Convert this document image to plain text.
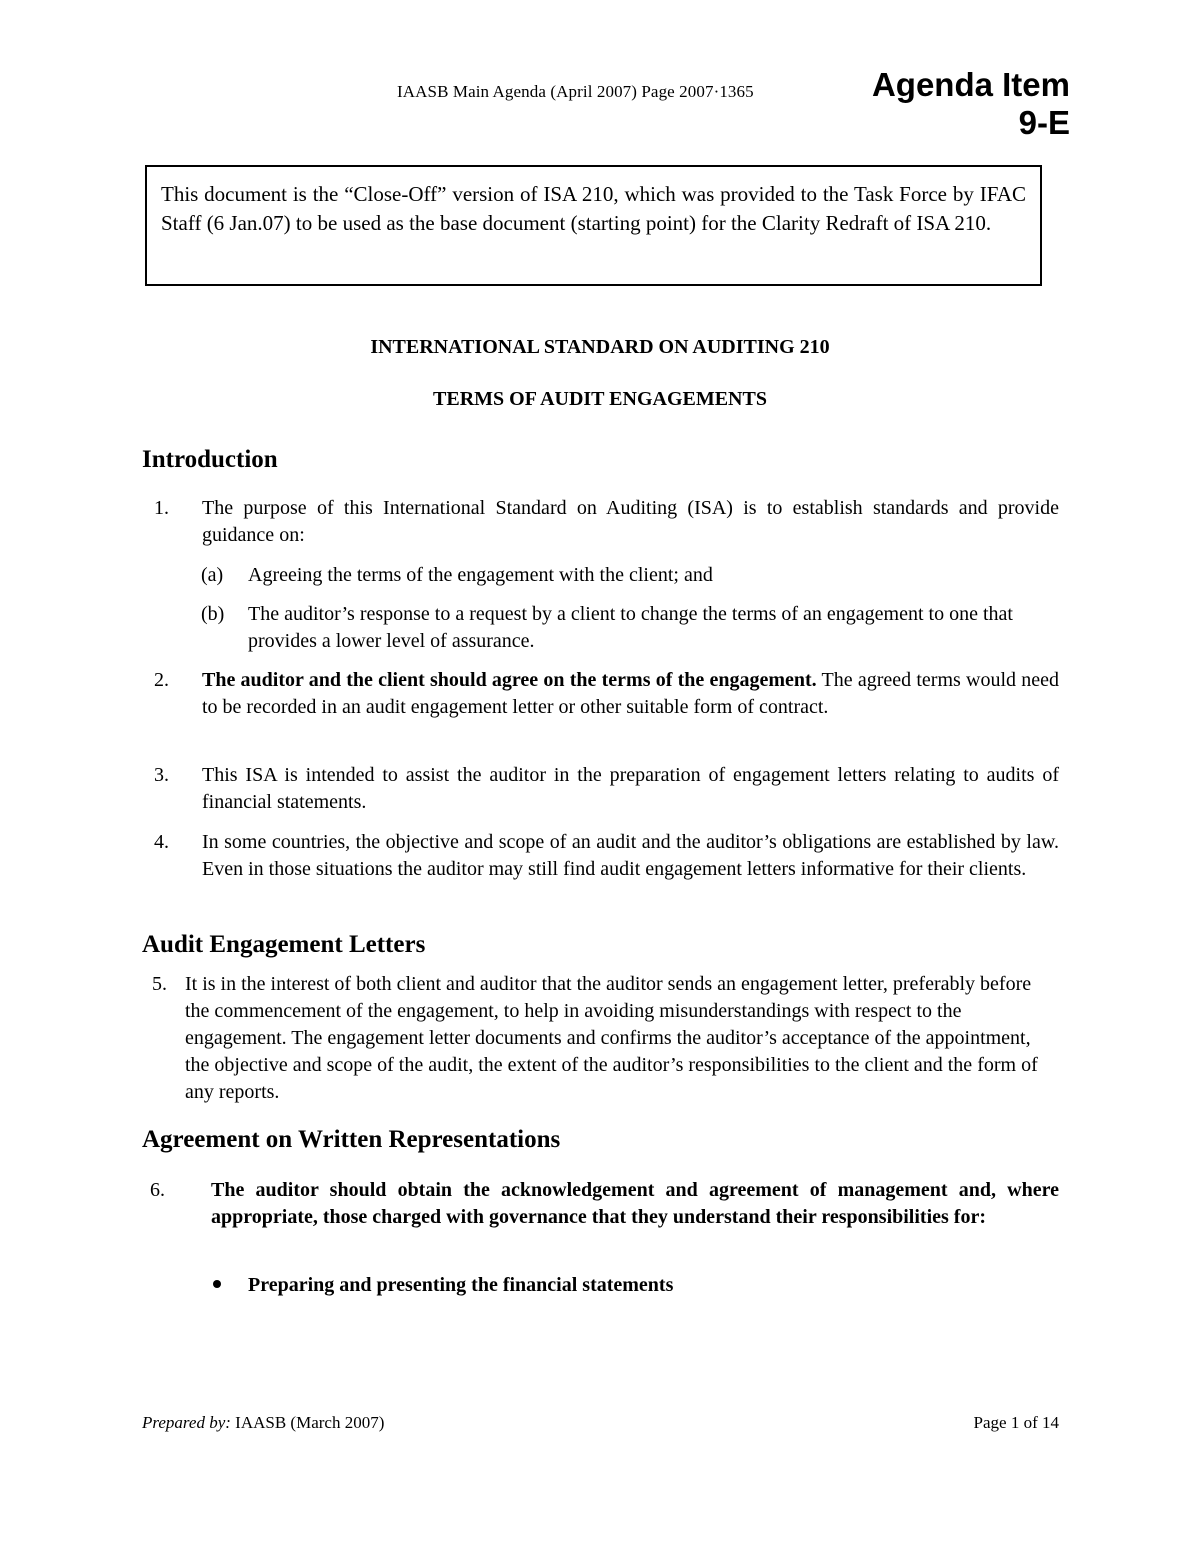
IAASB Main Agenda (April 2007) Page 2007·1365	Agenda Item
9-E
This document is the “Close-Off” version of ISA 210, which was provided to the Task Force by IFAC Staff (6 Jan.07) to be used as the base document (starting point) for the Clarity Redraft of ISA 210.
INTERNATIONAL STANDARD ON AUDITING 210
TERMS OF AUDIT ENGAGEMENTS
Introduction
1. The purpose of this International Standard on Auditing (ISA) is to establish standards and provide guidance on:
(a) Agreeing the terms of the engagement with the client; and
(b) The auditor’s response to a request by a client to change the terms of an engagement to one that provides a lower level of assurance.
2. The auditor and the client should agree on the terms of the engagement. The agreed terms would need to be recorded in an audit engagement letter or other suitable form of contract.
3. This ISA is intended to assist the auditor in the preparation of engagement letters relating to audits of financial statements.
4. In some countries, the objective and scope of an audit and the auditor’s obligations are established by law. Even in those situations the auditor may still find audit engagement letters informative for their clients.
Audit Engagement Letters
5. It is in the interest of both client and auditor that the auditor sends an engagement letter, preferably before the commencement of the engagement, to help in avoiding misunderstandings with respect to the engagement. The engagement letter documents and confirms the auditor’s acceptance of the appointment, the objective and scope of the audit, the extent of the auditor’s responsibilities to the client and the form of any reports.
Agreement on Written Representations
6. The auditor should obtain the acknowledgement and agreement of management and, where appropriate, those charged with governance that they understand their responsibilities for:
Preparing and presenting the financial statements
Prepared by: IAASB (March 2007)	Page 1 of 14
